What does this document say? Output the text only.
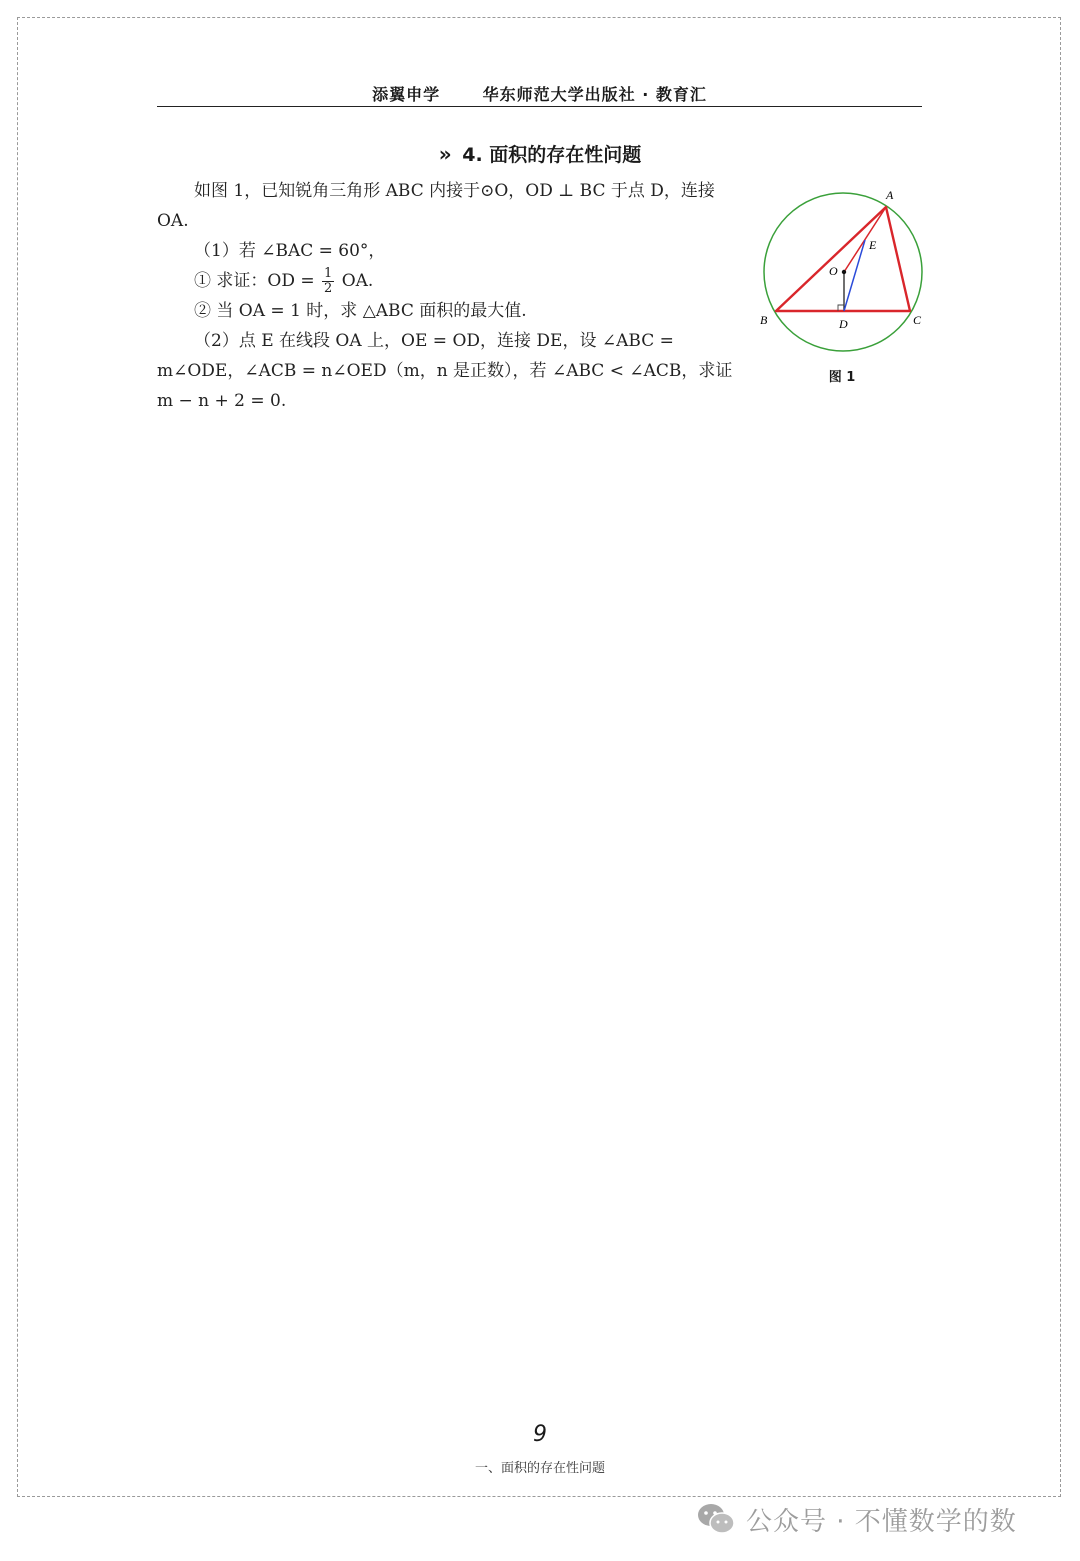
添翼申学	华东师范大学出版社 · 教育汇
» 4. 面积的存在性问题

如图 1，已知锐角三角形 ABC 内接于⊙O，OD ⊥ BC 于点 D，连接 OA.

（1）若 ∠BAC = 60°，

① 求证：OD = $\frac{1}{2}$ OA.

② 当 OA = 1 时，求 △ABC 面积的最大值.

（2）点 E 在线段 OA 上，OE = OD，连接 DE，设 ∠ABC = m∠ODE，∠ACB = n∠OED（m，n 是正数），若 ∠ABC < ∠ACB，求证 m − n + 2 = 0.

A
B	C
D
E
O
图 1
9
一、面积的存在性问题
公众号 · 不懂数学的数
